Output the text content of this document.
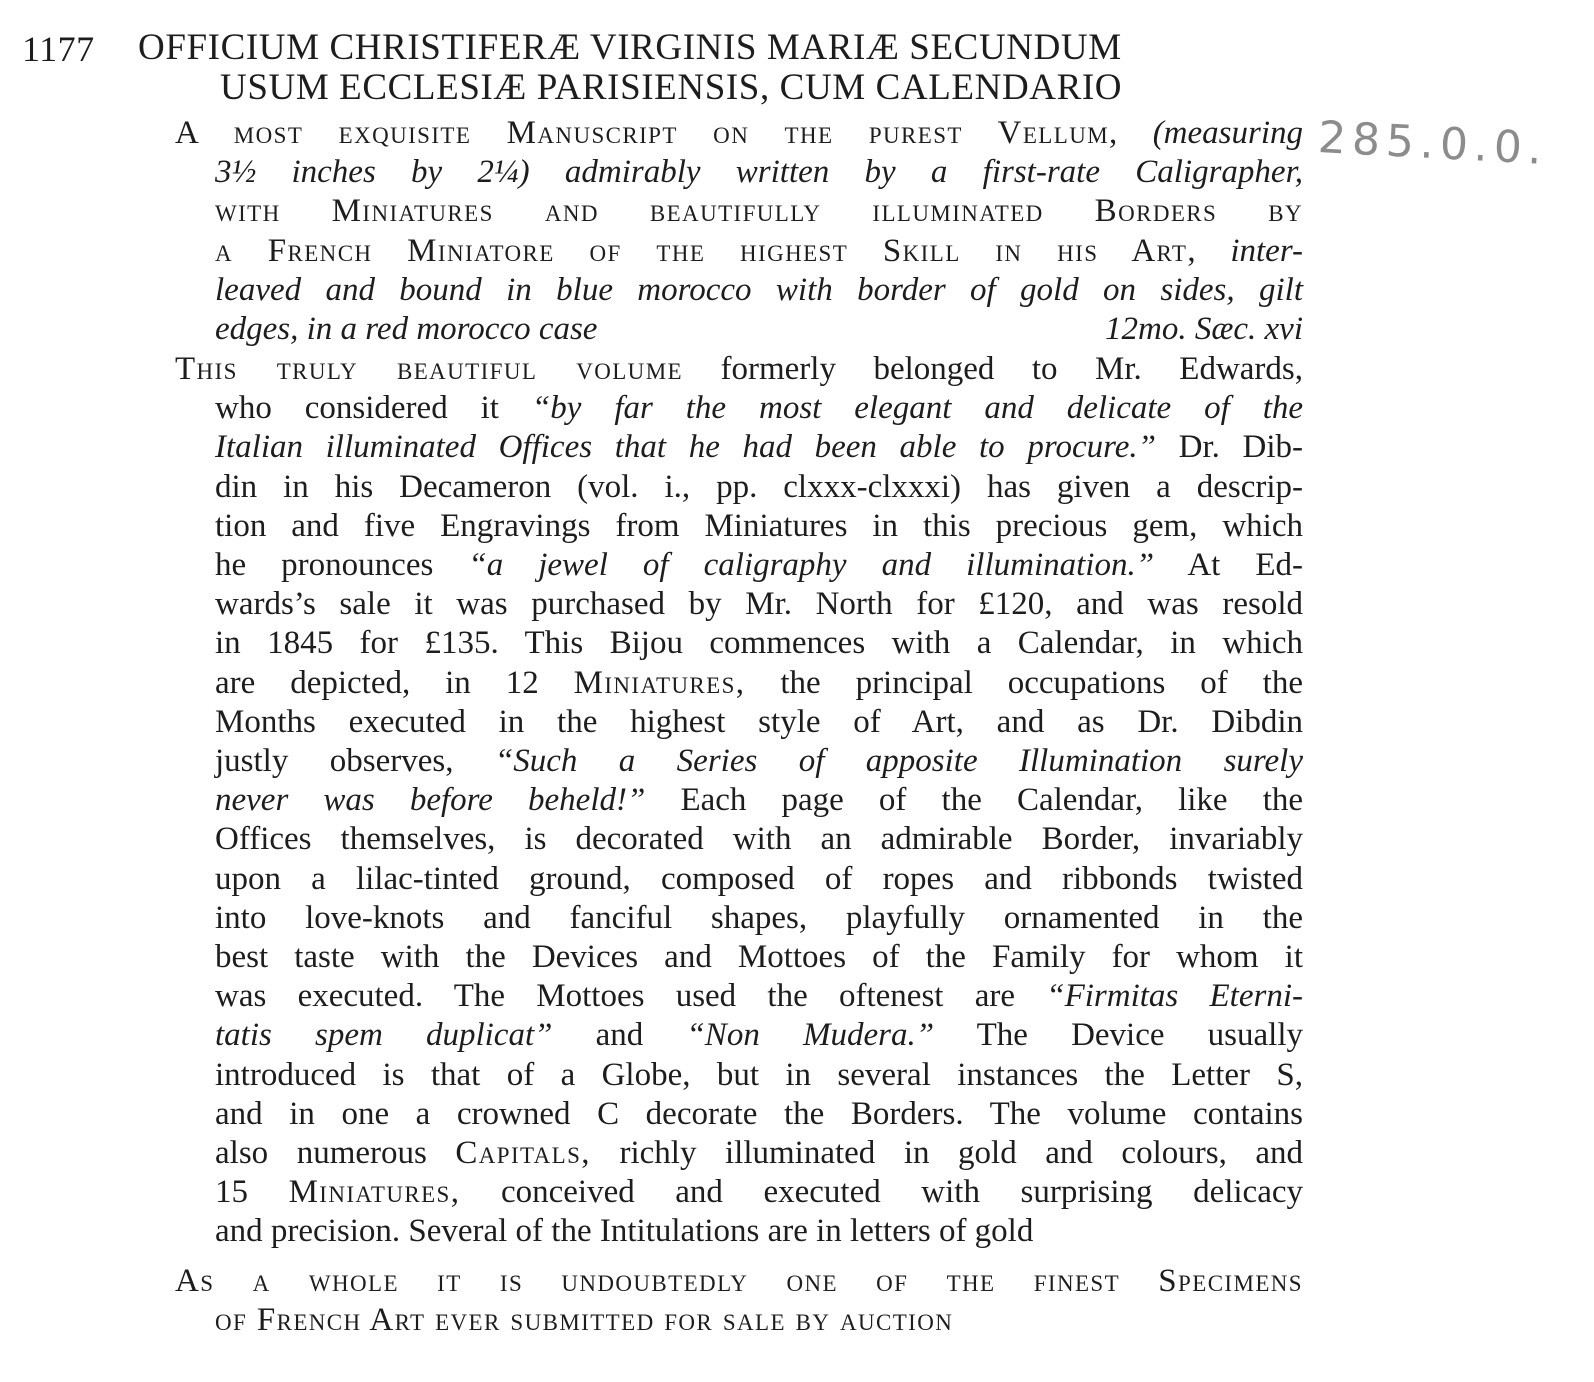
1177 OFFICIUM CHRISTIFERÆ VIRGINIS MARIÆ SECUNDUM
USUM ECCLESIÆ PARISIENSIS, CUM CALENDARIO
285.0.0.
A most exquisite Manuscript on the purest Vellum, (measuring
3½ inches by 2¼) admirably written by a first-rate Caligrapher,
with Miniatures and beautifully illuminated Borders by
a French Miniatore of the highest Skill in his Art, inter-
leaved and bound in blue morocco with border of gold on sides, gilt
edges, in a red morocco case	12mo. Sæc. xvi
This truly beautiful volume formerly belonged to Mr. Edwards,
who considered it “by far the most elegant and delicate of the
Italian illuminated Offices that he had been able to procure.” Dr. Dib-
din in his Decameron (vol. i., pp. clxxx-clxxxi) has given a descrip-
tion and five Engravings from Miniatures in this precious gem, which
he pronounces “a jewel of caligraphy and illumination.” At Ed-
wards’s sale it was purchased by Mr. North for £120, and was resold
in 1845 for £135. This Bijou commences with a Calendar, in which
are depicted, in 12 Miniatures, the principal occupations of the
Months executed in the highest style of Art, and as Dr. Dibdin
justly observes, “Such a Series of apposite Illumination surely
never was before beheld!” Each page of the Calendar, like the
Offices themselves, is decorated with an admirable Border, invariably
upon a lilac-tinted ground, composed of ropes and ribbonds twisted
into love-knots and fanciful shapes, playfully ornamented in the
best taste with the Devices and Mottoes of the Family for whom it
was executed. The Mottoes used the oftenest are “Firmitas Eterni-
tatis spem duplicat” and “Non Mudera.” The Device usually
introduced is that of a Globe, but in several instances the Letter S,
and in one a crowned C decorate the Borders. The volume contains
also numerous Capitals, richly illuminated in gold and colours, and
15 Miniatures, conceived and executed with surprising delicacy
and precision. Several of the Intitulations are in letters of gold
As a whole it is undoubtedly one of the finest Specimens
of French Art ever submitted for sale by auction
